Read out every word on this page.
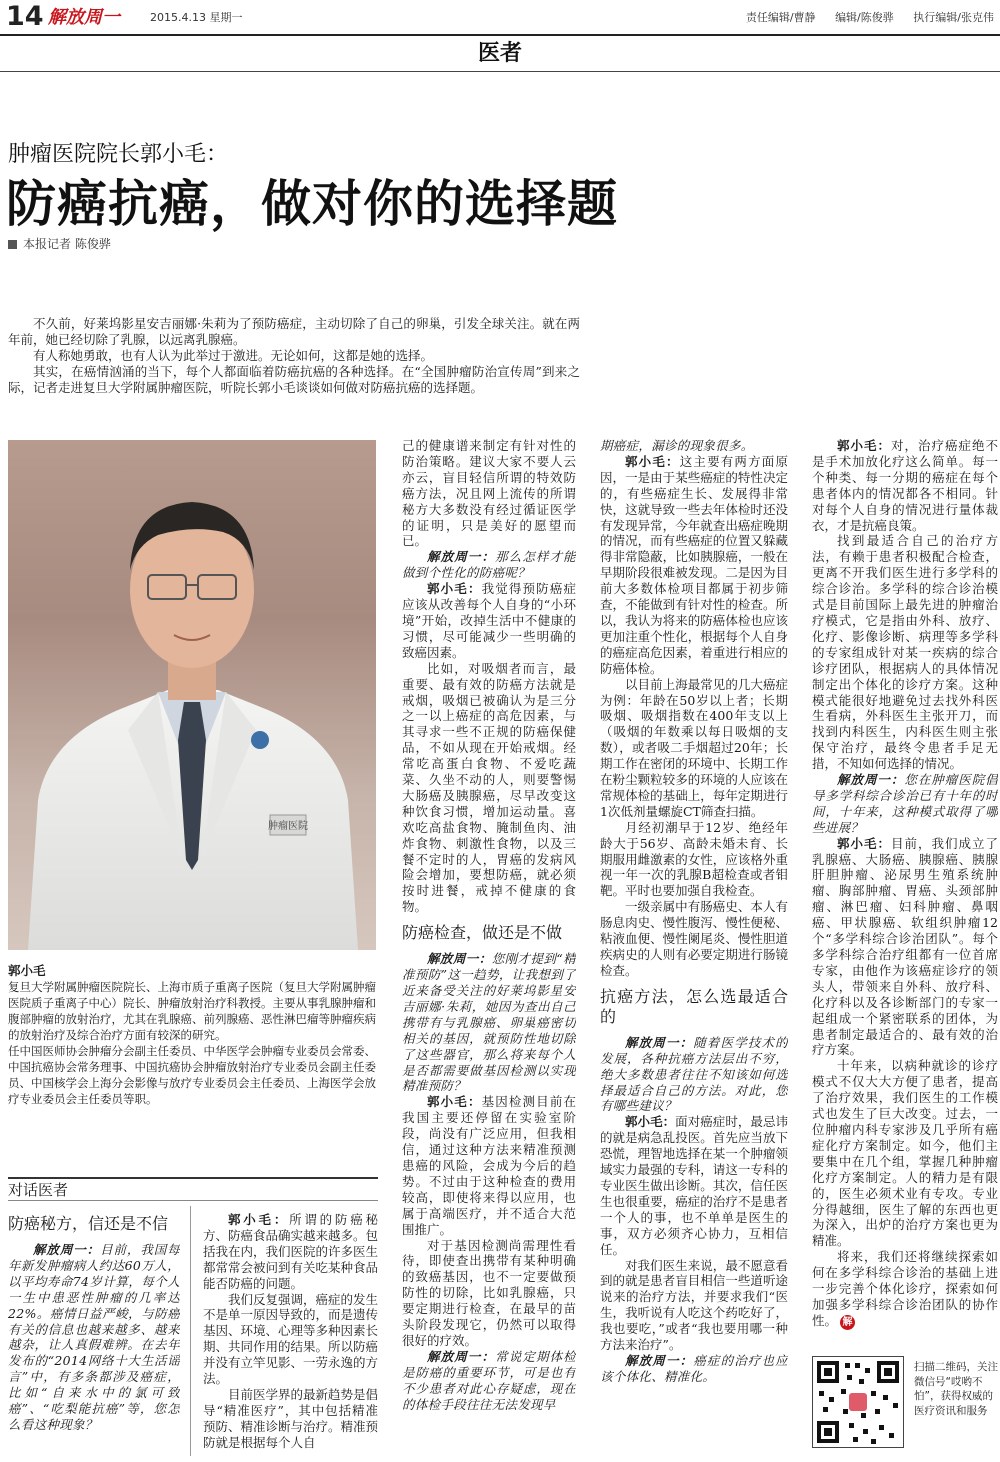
14 解放周一	2015.4.13 星期一	责任编辑/曹静 编辑/陈俊骅 执行编辑/张克伟
医者
肿瘤医院院长郭小毛：
防癌抗癌，做对你的选择题
本报记者 陈俊骅

不久前，好莱坞影星安吉丽娜·朱莉为了预防癌症，主动切除了自己的卵巢，引发全球关注。就在两年前，她已经切除了乳腺，以远离乳腺癌。

有人称她勇敢，也有人认为此举过于激进。无论如何，这都是她的选择。

其实，在癌情汹涌的当下，每个人都面临着防癌抗癌的各种选择。在“全国肿瘤防治宣传周”到来之际，记者走进复旦大学附属肿瘤医院，听院长郭小毛谈谈如何做对防癌抗癌的选择题。

肿瘤医院
郭小毛
复旦大学附属肿瘤医院院长、上海市质子重离子医院（复旦大学附属肿瘤医院质子重离子中心）院长、肿瘤放射治疗科教授。主要从事乳腺肿瘤和腹部肿瘤的放射治疗，尤其在乳腺癌、前列腺癌、恶性淋巴瘤等肿瘤疾病的放射治疗及综合治疗方面有较深的研究。
任中国医师协会肿瘤分会副主任委员、中华医学会肿瘤专业委员会常委、中国抗癌协会常务理事、中国抗癌协会肿瘤放射治疗专业委员会副主任委员、中国核学会上海分会影像与放疗专业委员会主任委员、上海医学会放疗专业委员会主任委员等职。
对话医者
防癌秘方，信还是不信

解放周一：目前，我国每年新发肿瘤病人约达60万人，以平均寿命74岁计算，每个人一生中患恶性肿瘤的几率达22%。癌情日益严峻，与防癌有关的信息也越来越多、越来越杂，让人真假难辨。在去年发布的“2014网络十大生活谣言”中，有多条都涉及癌症，比如“自来水中的氯可致癌”、“吃梨能抗癌”等，您怎么看这种现象？

郭小毛：所谓的防癌秘方、防癌食品确实越来越多。包括我在内，我们医院的许多医生都常常会被问到有关吃某种食品能否防癌的问题。

我们反复强调，癌症的发生不是单一原因导致的，而是遗传基因、环境、心理等多种因素长期、共同作用的结果。所以防癌并没有立竿见影、一劳永逸的方法。

目前医学界的最新趋势是倡导“精准医疗”，其中包括精准预防、精准诊断与治疗。精准预防就是根据每个人自

己的健康谱来制定有针对性的防治策略。建议大家不要人云亦云，盲目轻信所谓的特效防癌方法，况且网上流传的所谓秘方大多数没有经过循证医学的证明，只是美好的愿望而已。

解放周一：那么怎样才能做到个性化的防癌呢？

郭小毛：我觉得预防癌症应该从改善每个人自身的“小环境”开始，改掉生活中不健康的习惯，尽可能减少一些明确的致癌因素。

比如，对吸烟者而言，最重要、最有效的防癌方法就是戒烟，吸烟已被确认为是三分之一以上癌症的高危因素，与其寻求一些不正规的防癌保健品，不如从现在开始戒烟。经常吃高蛋白食物、不爱吃蔬菜、久坐不动的人，则要警惕大肠癌及胰腺癌，尽早改变这种饮食习惯，增加运动量。喜欢吃高盐食物、腌制鱼肉、油炸食物、刺激性食物，以及三餐不定时的人，胃癌的发病风险会增加，要想防癌，就必须按时进餐，戒掉不健康的食物。

防癌检查，做还是不做

解放周一：您刚才提到“精准预防”这一趋势，让我想到了近来备受关注的好莱坞影星安吉丽娜·朱莉，她因为查出自己携带有与乳腺癌、卵巢癌密切相关的基因，就预防性地切除了这些器官，那么将来每个人是否都需要做基因检测以实现精准预防？

郭小毛：基因检测目前在我国主要还停留在实验室阶段，尚没有广泛应用，但我相信，通过这种方法来精准预测患癌的风险，会成为今后的趋势。不过由于这种检查的费用较高，即使将来得以应用，也属于高端医疗，并不适合大范围推广。

对于基因检测尚需理性看待，即使查出携带有某种明确的致癌基因，也不一定要做预防性的切除，比如乳腺癌，只要定期进行检查，在最早的苗头阶段发现它，仍然可以取得很好的疗效。

解放周一：常说定期体检是防癌的重要环节，可是也有不少患者对此心存疑虑，现在的体检手段往往无法发现早

期癌症，漏诊的现象很多。

郭小毛：这主要有两方面原因，一是由于某些癌症的特性决定的，有些癌症生长、发展得非常快，这就导致一些去年体检时还没有发现异常，今年就查出癌症晚期的情况，而有些癌症的位置又躲藏得非常隐蔽，比如胰腺癌，一般在早期阶段很难被发现。二是因为目前大多数体检项目都属于初步筛查，不能做到有针对性的检查。所以，我认为将来的防癌体检也应该更加注重个性化，根据每个人自身的癌症高危因素，着重进行相应的防癌体检。

以目前上海最常见的几大癌症为例：年龄在50岁以上者；长期吸烟、吸烟指数在400年支以上（吸烟的年数乘以每日吸烟的支数），或者吸二手烟超过20年；长期工作在密闭的环境中、长期工作在粉尘颗粒较多的环境的人应该在常规体检的基础上，每年定期进行1次低剂量螺旋CT筛查扫描。

月经初潮早于12岁、绝经年龄大于56岁、高龄未婚未育、长期服用雌激素的女性，应该格外重视一年一次的乳腺B超检查或者钼靶。平时也要加强自我检查。

一级亲属中有肠癌史、本人有肠息肉史、慢性腹泻、慢性便秘、粘液血便、慢性阑尾炎、慢性胆道疾病史的人则有必要定期进行肠镜检查。

抗癌方法，怎么选最适合的

解放周一：随着医学技术的发展，各种抗癌方法层出不穷，绝大多数患者往往不知该如何选择最适合自己的方法。对此，您有哪些建议？

郭小毛：面对癌症时，最忌讳的就是病急乱投医。首先应当放下恐慌，理智地选择在某一个肿瘤领域实力最强的专科，请这一专科的专业医生做出诊断。其次，信任医生也很重要，癌症的治疗不是患者一个人的事，也不单单是医生的事，双方必须齐心协力，互相信任。

对我们医生来说，最不愿意看到的就是患者盲目相信一些道听途说来的治疗方法，并要求我们“医生，我听说有人吃这个药吃好了，我也要吃，”或者“我也要用哪一种方法来治疗”。

解放周一：癌症的治疗也应该个体化、精准化。

郭小毛：对，治疗癌症绝不是手术加放化疗这么简单。每一个种类、每一分期的癌症在每个患者体内的情况都各不相同。针对每个人自身的情况进行量体裁衣，才是抗癌良策。

找到最适合自己的治疗方法，有赖于患者积极配合检查，更离不开我们医生进行多学科的综合诊治。多学科的综合诊治模式是目前国际上最先进的肿瘤治疗模式，它是指由外科、放疗、化疗、影像诊断、病理等多学科的专家组成针对某一疾病的综合诊疗团队，根据病人的具体情况制定出个体化的诊疗方案。这种模式能很好地避免过去找外科医生看病，外科医生主张开刀，而找到内科医生，内科医生则主张保守治疗，最终令患者手足无措，不知如何选择的情况。

解放周一：您在肿瘤医院倡导多学科综合诊治已有十年的时间，十年来，这种模式取得了哪些进展？

郭小毛：目前，我们成立了乳腺癌、大肠癌、胰腺癌、胰腺肝胆肿瘤、泌尿男生殖系统肿瘤、胸部肿瘤、胃癌、头颈部肿瘤、淋巴瘤、妇科肿瘤、鼻咽癌、甲状腺癌、软组织肿瘤12个“多学科综合诊治团队”。每个多学科综合治疗组都有一位首席专家，由他作为该癌症诊疗的领头人，带领来自外科、放疗科、化疗科以及各诊断部门的专家一起组成一个紧密联系的团体，为患者制定最适合的、最有效的治疗方案。

十年来，以病种就诊的诊疗模式不仅大大方便了患者，提高了治疗效果，我们医生的工作模式也发生了巨大改变。过去，一位肿瘤内科专家涉及几乎所有癌症化疗方案制定。如今，他们主要集中在几个组，掌握几种肿瘤化疗方案制定。人的精力是有限的，医生必须术业有专攻。专业分得越细，医生了解的东西也更为深入，出炉的治疗方案也更为精准。

将来，我们还将继续探索如何在多学科综合诊治的基础上进一步完善个体化诊疗，探索如何加强多学科综合诊治团队的协作性。 解

扫描二维码，关注微信号“哎哟不怕”，获得权威的医疗资讯和服务
